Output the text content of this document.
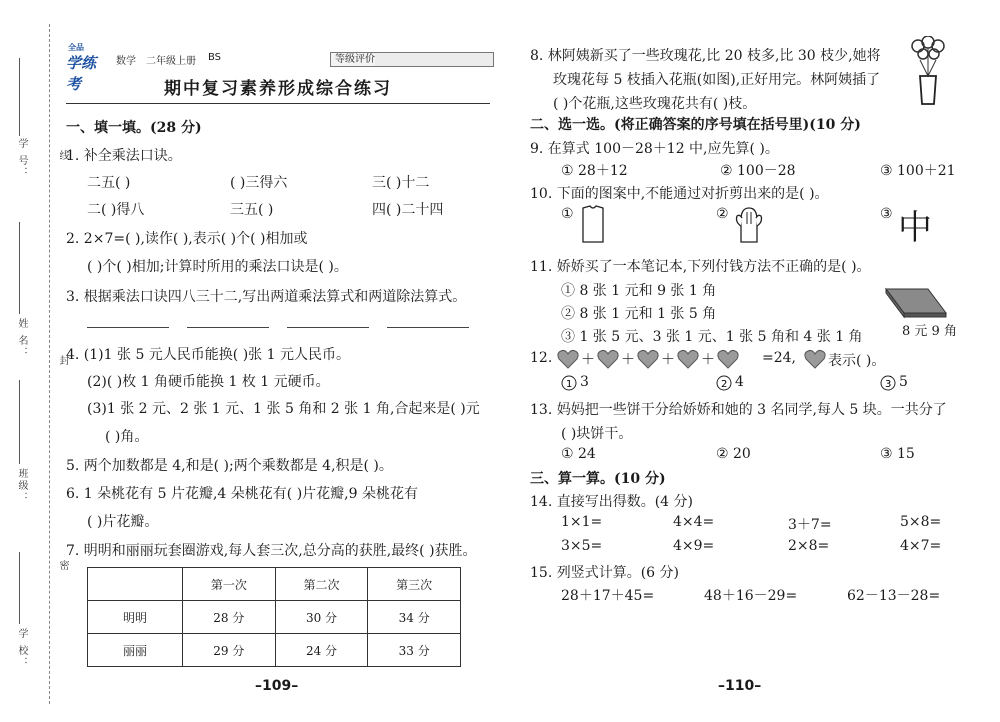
学 号：	线
姓 名：
封
班级：
密
学 校：
全品
学练考
数学 二年级上册 BS	等级评价
期中复习素养形成综合练习
一、填一填。(28 分)
1. 补全乘法口诀。
二五( )	( )三得六	三( )十二
二( )得八	三五( )	四( )二十四
2. 2×7=( ),读作( ),表示( )个( )相加或
( )个( )相加;计算时所用的乘法口诀是( )。
3. 根据乘法口诀四八三十二,写出两道乘法算式和两道除法算式。
4. (1)1 张 5 元人民币能换( )张 1 元人民币。
(2)( )枚 1 角硬币能换 1 枚 1 元硬币。
(3)1 张 2 元、2 张 1 元、1 张 5 角和 2 张 1 角,合起来是( )元
( )角。
5. 两个加数都是 4,和是( );两个乘数都是 4,积是( )。
6. 1 朵桃花有 5 片花瓣,4 朵桃花有( )片花瓣,9 朵桃花有
( )片花瓣。
7. 明明和丽丽玩套圈游戏,每人套三次,总分高的获胜,最终( )获胜。
	第一次	第二次	第三次
明明	28 分	30 分	34 分
丽丽	29 分	24 分	33 分
–109–
8. 林阿姨新买了一些玫瑰花,比 20 枝多,比 30 枝少,她将
玫瑰花每 5 枝插入花瓶(如图),正好用完。林阿姨插了
( )个花瓶,这些玫瑰花共有( )枝。
二、选一选。(将正确答案的序号填在括号里)(10 分)
9. 在算式 100－28＋12 中,应先算( )。
① 28＋12	② 100－28	③ 100＋21
10. 下面的图案中,不能通过对折剪出来的是( )。
①	②	③ 中
11. 娇娇买了一本笔记本,下列付钱方法不正确的是( )。
① 8 张 1 元和 9 张 1 角
② 8 张 1 元和 1 张 5 角
③ 1 张 5 元、3 张 1 元、1 张 5 角和 4 张 1 角	8 元 9 角
12. ＋ ＋ ＋ ＋	=24, 表示( )。
1 3	2 4	3 5
13. 妈妈把一些饼干分给娇娇和她的 3 名同学,每人 5 块。一共分了
( )块饼干。
① 24	② 20	③ 15
三、算一算。(10 分)
14. 直接写出得数。(4 分)
1×1=	4×4=	3＋7=	5×8=
3×5=	4×9=	2×8=	4×7=
15. 列竖式计算。(6 分)
28＋17＋45=	48＋16－29=	62－13－28=
–110–
